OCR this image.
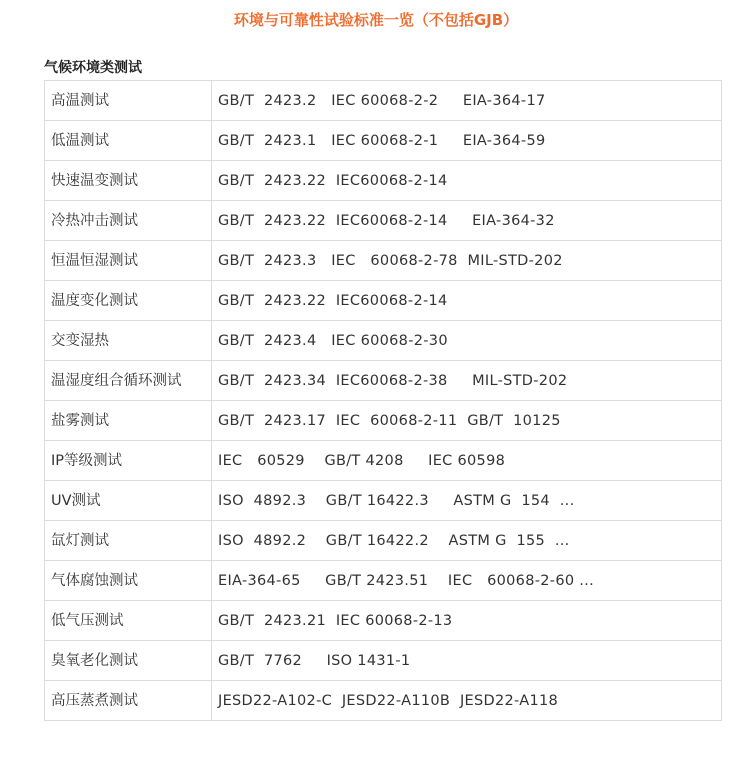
环境与可靠性试验标准一览（不包括GJB）
气候环境类测试
高温测试	GB/T  2423.2   IEC 60068-2-2     EIA-364-17
低温测试	GB/T  2423.1   IEC 60068-2-1     EIA-364-59
快速温变测试	GB/T  2423.22  IEC60068-2-14
冷热冲击测试	GB/T  2423.22  IEC60068-2-14     EIA-364-32
恒温恒湿测试	GB/T  2423.3   IEC   60068-2-78  MIL-STD-202
温度变化测试	GB/T  2423.22  IEC60068-2-14
交变湿热	GB/T  2423.4   IEC 60068-2-30
温湿度组合循环测试	GB/T  2423.34  IEC60068-2-38     MIL-STD-202
盐雾测试	GB/T  2423.17  IEC  60068-2-11  GB/T  10125
IP等级测试	IEC   60529    GB/T 4208     IEC 60598
UV测试	ISO  4892.3    GB/T 16422.3     ASTM G  154  ...
氙灯测试	ISO  4892.2    GB/T 16422.2    ASTM G  155  ...
气体腐蚀测试	EIA-364-65     GB/T 2423.51    IEC   60068-2-60 ...
低气压测试	GB/T  2423.21  IEC 60068-2-13
臭氧老化测试	GB/T  7762     ISO 1431-1
高压蒸煮测试	JESD22-A102-C  JESD22-A110B  JESD22-A118
